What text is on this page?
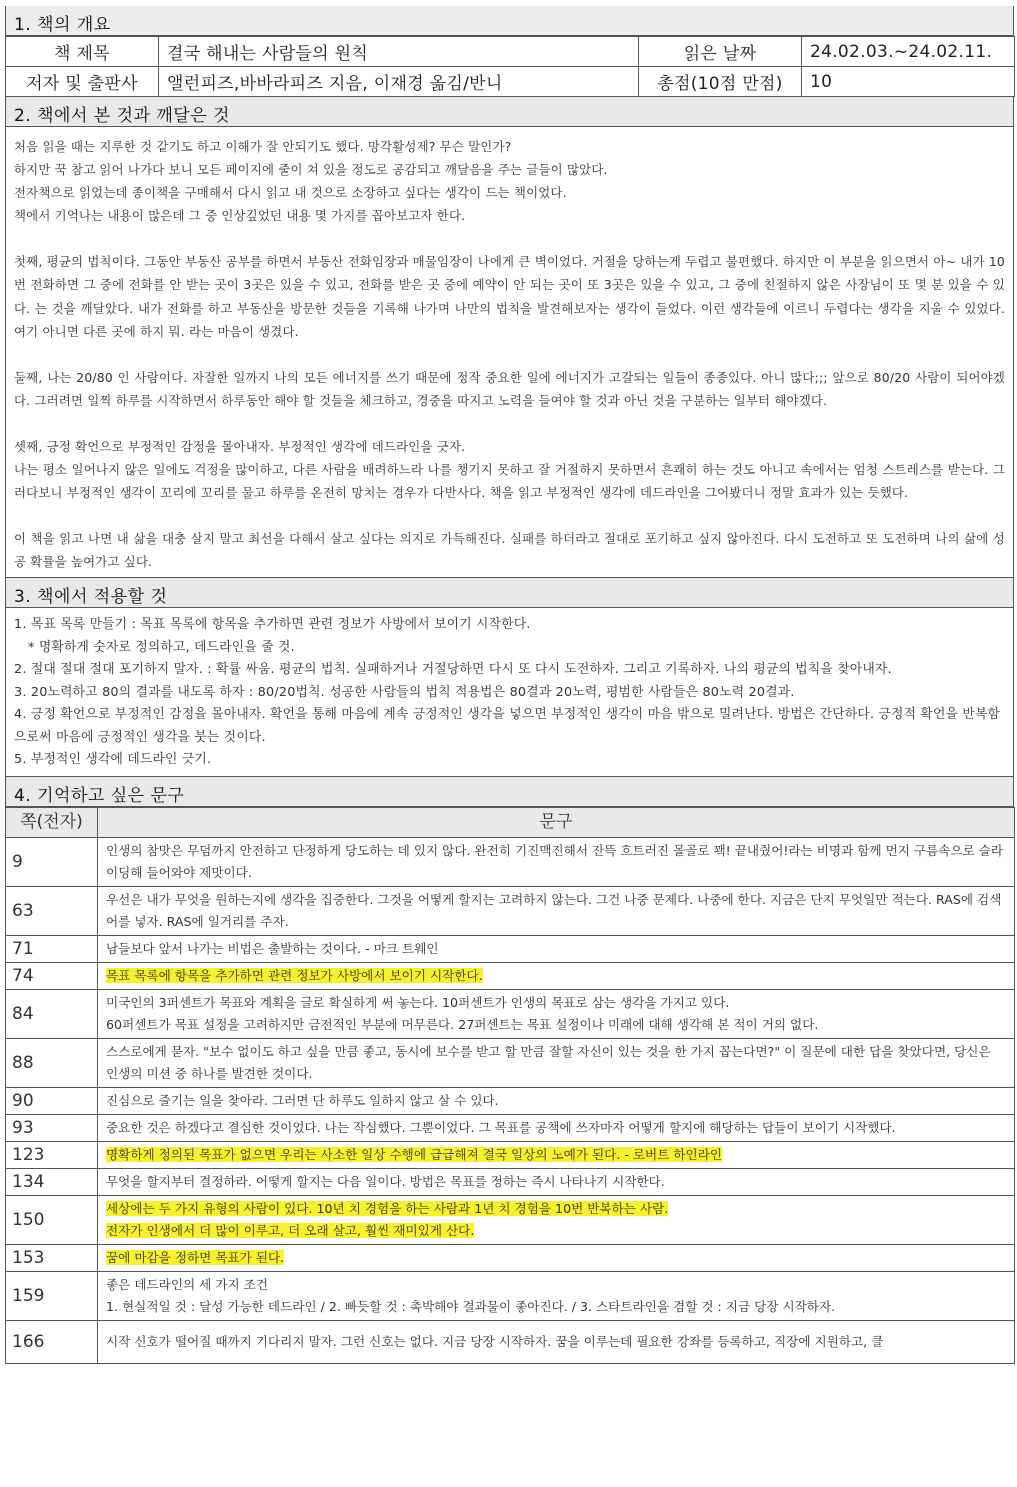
1. 책의 개요
책 제목	결국 해내는 사람들의 원칙	읽은 날짜	24.02.03.~24.02.11.
저자 및 출판사	앨런피즈,바바라피즈 지음, 이재경 옮김/반니	총점(10점 만점)	10
2. 책에서 본 것과 깨달은 것

처음 읽을 때는 지루한 것 같기도 하고 이해가 잘 안되기도 했다. 망각활성제? 무슨 말인가?

하지만 꾹 참고 읽어 나가다 보니 모든 페이지에 줄이 쳐 있을 정도로 공감되고 깨달음을 주는 글들이 많았다.

전자책으로 읽었는데 종이책을 구매해서 다시 읽고 내 것으로 소장하고 싶다는 생각이 드는 책이었다.

책에서 기억나는 내용이 많은데 그 중 인상깊었던 내용 몇 가지를 꼽아보고자 한다.

첫째, 평균의 법칙이다. 그동안 부동산 공부를 하면서 부동산 전화임장과 매물임장이 나에게 큰 벽이었다. 거절을 당하는게 두렵고 불편했다. 하지만 이 부분을 읽으면서 아~ 내가 10번 전화하면 그 중에 전화를 안 받는 곳이 3곳은 있을 수 있고, 전화를 받은 곳 중에 예약이 안 되는 곳이 또 3곳은 있을 수 있고, 그 중에 친절하지 않은 사장님이 또 몇 분 있을 수 있다. 는 것을 깨달았다. 내가 전화를 하고 부동산을 방문한 것들을 기록해 나가며 나만의 법칙을 발견해보자는 생각이 들었다. 이런 생각들에 이르니 두렵다는 생각을 지울 수 있었다. 여기 아니면 다른 곳에 하지 뭐. 라는 마음이 생겼다.

둘째, 나는 20/80 인 사람이다. 자잘한 일까지 나의 모든 에너지를 쓰기 때문에 정작 중요한 일에 에너지가 고갈되는 일들이 종종있다. 아니 많다;;; 앞으로 80/20 사람이 되어야겠다. 그러려면 일찍 하루를 시작하면서 하루동안 해야 할 것들을 체크하고, 경중을 따지고 노력을 들여야 할 것과 아닌 것을 구분하는 일부터 해야겠다.

셋째, 긍정 확언으로 부정적인 감정을 몰아내자. 부정적인 생각에 데드라인을 긋자.

나는 평소 일어나지 않은 일에도 걱정을 많이하고, 다른 사람을 배려하느라 나를 챙기지 못하고 잘 거절하지 못하면서 흔쾌히 하는 것도 아니고 속에서는 엄청 스트레스를 받는다. 그러다보니 부정적인 생각이 꼬리에 꼬리를 물고 하루를 온전히 망치는 경우가 다반사다. 책을 읽고 부정적인 생각에 데드라인을 그어봤더니 정말 효과가 있는 듯했다.

이 책을 읽고 나면 내 삶을 대충 살지 말고 최선을 다해서 살고 싶다는 의지로 가득해진다. 실패를 하더라고 절대로 포기하고 싶지 않아진다. 다시 도전하고 또 도전하며 나의 삶에 성공 확률을 높여가고 싶다.

3. 책에서 적용할 것

1. 목표 목록 만들기 : 목표 목록에 항목을 추가하면 관련 정보가 사방에서 보이기 시작한다.

* 명확하게 숫자로 정의하고, 데드라인을 줄 것.

2. 절대 절대 절대 포기하지 말자. : 확률 싸움. 평균의 법칙. 실패하거나 거절당하면 다시 또 다시 도전하자. 그리고 기록하자. 나의 평균의 법칙을 찾아내자.

3. 20노력하고 80의 결과를 내도록 하자 : 80/20법칙. 성공한 사람들의 법칙 적용법은 80결과 20노력, 평범한 사람들은 80노력 20결과.

4. 긍정 확언으로 부정적인 감정을 몰아내자. 확언을 통해 마음에 계속 긍정적인 생각을 넣으면 부정적인 생각이 마음 밖으로 밀려난다. 방법은 간단하다. 긍정적 확언을 반복함으로써 마음에 긍정적인 생각을 붓는 것이다.

5. 부정적인 생각에 데드라인 긋기.

4. 기억하고 싶은 문구
쪽(전자)	문구
9	인생의 참맛은 무덤까지 안전하고 단정하게 당도하는 데 있지 않다. 완전히 기진맥진해서 잔뜩 흐트러진 몰골로 꽥! 끝내줬어!라는 비명과 함께 먼지 구름속으로 슬라이딩해 들어와야 제맛이다.

63	우선은 내가 무엇을 원하는지에 생각을 집중한다. 그것을 어떻게 할지는 고려하지 않는다. 그건 나중 문제다. 나중에 한다. 지금은 단지 무엇일만 적는다. RAS에 검색어를 넣자. RAS에 일거리를 주자.

71	남들보다 앞서 나가는 비법은 출발하는 것이다. - 마크 트웨인

74	목표 목록에 항목을 추가하면 관련 정보가 사방에서 보이기 시작한다.

84	미국인의 3퍼센트가 목표와 계획을 글로 확실하게 써 놓는다. 10퍼센트가 인생의 목표로 삼는 생각을 가지고 있다.
60퍼센트가 목표 설정을 고려하지만 금전적인 부분에 머무른다. 27퍼센트는 목표 설정이나 미래에 대해 생각해 본 적이 거의 없다.

88	스스로에게 묻자. "보수 없이도 하고 싶을 만큼 좋고, 동시에 보수를 받고 할 만큼 잘할 자신이 있는 것을 한 가지 꼽는다면?" 이 질문에 대한 답을 찾았다면, 당신은 인생의 미션 중 하나를 발견한 것이다.

90	진심으로 즐기는 일을 찾아라. 그러면 단 하루도 일하지 않고 살 수 있다.

93	중요한 것은 하겠다고 결심한 것이었다. 나는 작심했다. 그뿐이었다. 그 목표를 공책에 쓰자마자 어떻게 할지에 해당하는 답들이 보이기 시작했다.

123	명확하게 정의된 목표가 없으면 우리는 사소한 일상 수행에 급급해져 결국 일상의 노예가 된다. - 로버트 하인라인

134	무엇을 할지부터 결정하라. 어떻게 할지는 다음 일이다. 방법은 목표를 정하는 즉시 나타나기 시작한다.

150	세상에는 두 가지 유형의 사람이 있다. 10년 치 경험을 하는 사람과 1년 치 경험을 10번 반복하는 사람.
전자가 인생에서 더 많이 이루고, 더 오래 살고, 훨씬 재미있게 산다.

153	꿈에 마감을 정하면 목표가 된다.

159	좋은 데드라인의 세 가지 조건
1. 현실적일 것 : 달성 가능한 데드라인 / 2. 빠듯할 것 : 촉박해야 결과물이 좋아진다. / 3. 스타트라인을 겸할 것 : 지금 당장 시작하자.

166	시작 신호가 떨어질 때까지 기다리지 말자. 그런 신호는 없다. 지금 당장 시작하자. 꿈을 이루는데 필요한 강좌를 등록하고, 직장에 지원하고, 클
